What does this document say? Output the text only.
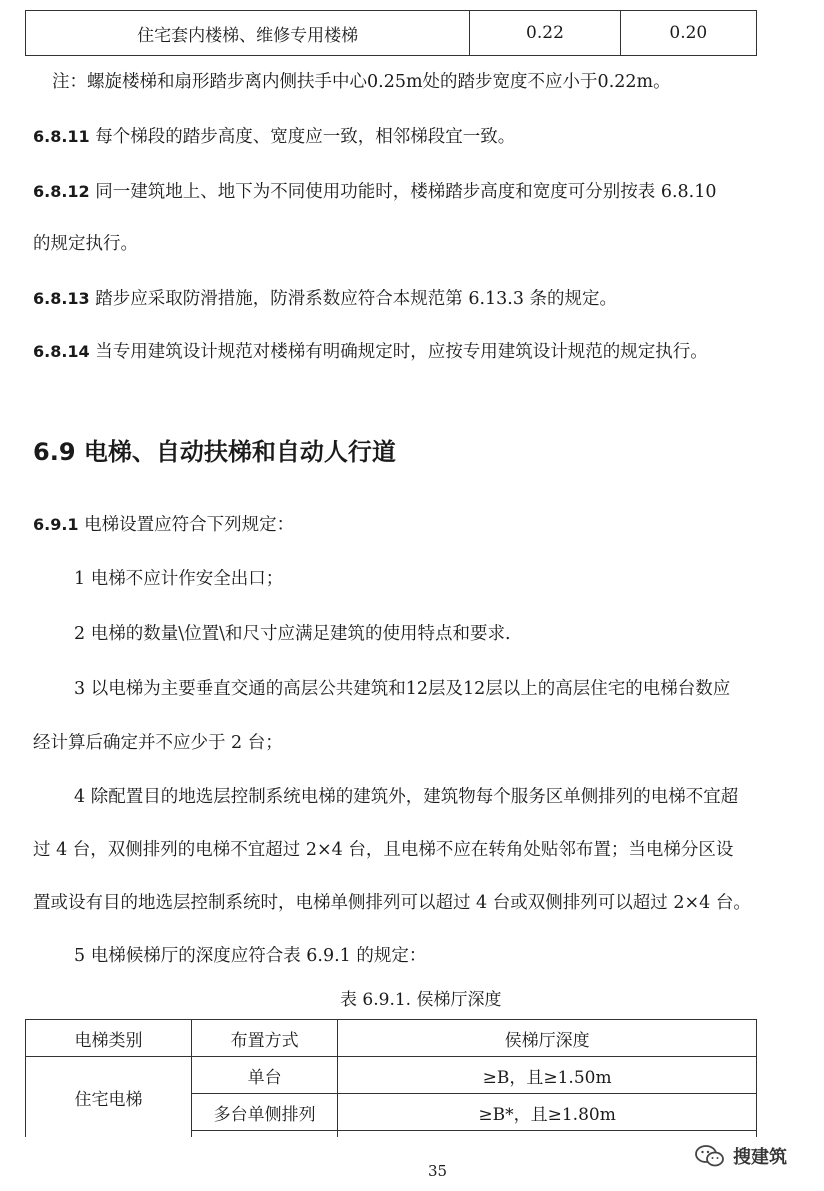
住宅套内楼梯、维修专用楼梯	0.22	0.20
注：螺旋楼梯和扇形踏步离内侧扶手中心0.25m处的踏步宽度不应小于0.22m。
6.8.11 每个梯段的踏步高度、宽度应一致，相邻梯段宜一致。
6.8.12 同一建筑地上、地下为不同使用功能时，楼梯踏步高度和宽度可分别按表 6.8.10
的规定执行。
6.8.13 踏步应采取防滑措施，防滑系数应符合本规范第 6.13.3 条的规定。
6.8.14 当专用建筑设计规范对楼梯有明确规定时，应按专用建筑设计规范的规定执行。
6.9 电梯、自动扶梯和自动人行道
6.9.1 电梯设置应符合下列规定：
1 电梯不应计作安全出口；
2 电梯的数量\位置\和尺寸应满足建筑的使用特点和要求.
3 以电梯为主要垂直交通的高层公共建筑和12层及12层以上的高层住宅的电梯台数应
经计算后确定并不应少于 2 台；
4 除配置目的地选层控制系统电梯的建筑外，建筑物每个服务区单侧排列的电梯不宜超
过 4 台，双侧排列的电梯不宜超过 2×4 台，且电梯不应在转角处贴邻布置；当电梯分区设
置或设有目的地选层控制系统时，电梯单侧排列可以超过 4 台或双侧排列可以超过 2×4 台。
5 电梯候梯厅的深度应符合表 6.9.1 的规定：
表 6.9.1. 侯梯厅深度
电梯类别	布置方式	侯梯厅深度
住宅电梯	单台	≥B，且≥1.50m
	多台单侧排列	≥B*，且≥1.80m

35
搜建筑
